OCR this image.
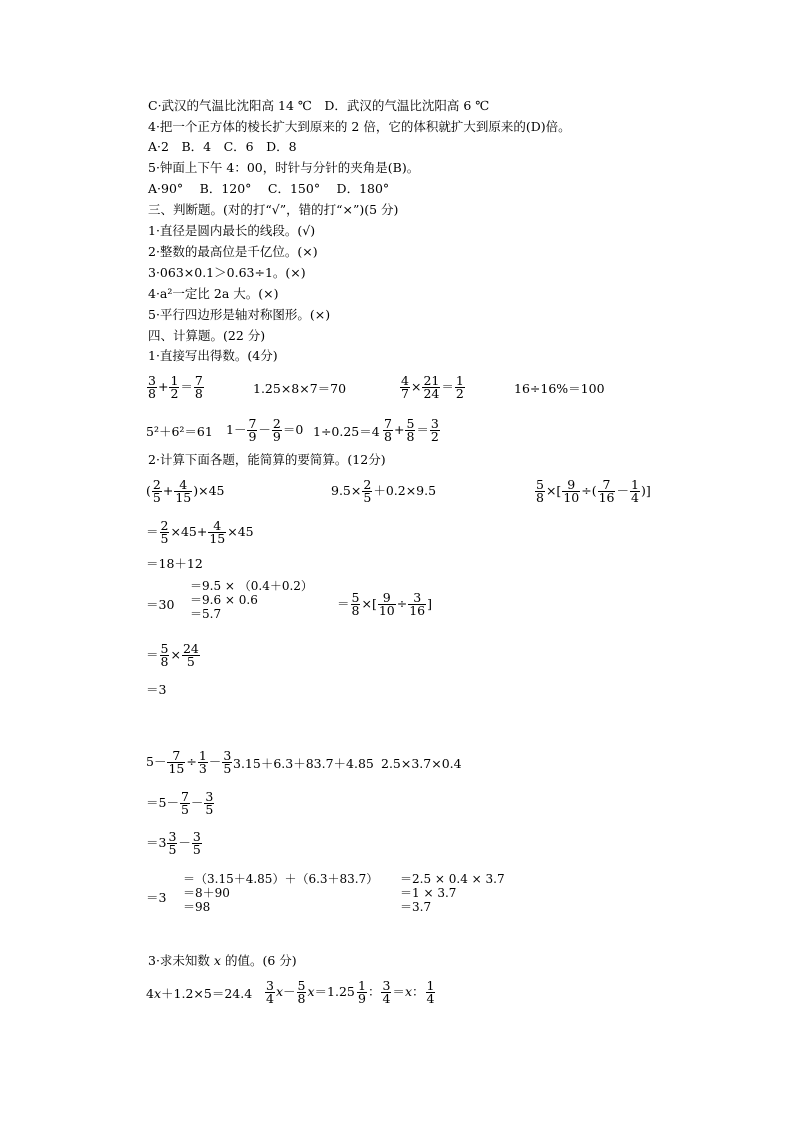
C·武汉的气温比沈阳高 14 ℃　D．武汉的气温比沈阳高 6 ℃
4·把一个正方体的棱长扩大到原来的 2 倍，它的体积就扩大到原来的(D)倍。
A·2　B．4　C．6　D．8
5·钟面上下午 4：00，时针与分针的夹角是(B)。
A·90°　 B．120°　 C．150°　 D．180°
三、判断题。(对的打“√”，错的打“×”)(5 分)
1·直径是圆内最长的线段。(√)
2·整数的最高位是千亿位。(×)
3·063×0.1＞0.63÷1。(×)
4·a²一定比 2a 大。(×)
5·平行四边形是轴对称图形。(×)
四、计算题。(22 分)
1·直接写出得数。(4分)
$\frac{3}{8} + \frac{1}{2} = \frac{7}{8}$	1.25×8×7＝70	$\frac{4}{7} \times \frac{21}{24} = \frac{1}{2}$	16÷16%＝100
5²＋6²＝61 $1- \frac{7}{9} - \frac{2}{9} =0$ $1\div 0.25=4 \frac{7}{8} + \frac{5}{8} = \frac{3}{2}$
2·计算下面各题，能简算的要简算。(12分)
( $\frac{2}{5} + \frac{4}{15} )\times 45$
＝ $\frac{2}{5} \times 45+ \frac{4}{15} \times 45$
＝18＋12
＝30
$9.5\times \frac{2}{5} +0.2\times 9.5$
＝9.5 × （0.4＋0.2）
＝9.6 × 0.6
＝5.7
$\frac{5}{8}$ ×[ $\frac{9}{10}$ ÷( $\frac{7}{16} - \frac{1}{4}$ )]
＝ $\frac{5}{8}$ ×[ $\frac{9}{10} \div \frac{3}{16}$ ]
＝ $\frac{5}{8} \times \frac{24}{5}$
＝3
$5- \frac{7}{15} \div \frac{1}{3} - \frac{3}{5}$
$=5- \frac{7}{5} - \frac{3}{5}$
$=3 \frac{3}{5} - \frac{3}{5}$
＝3
3.15＋6.3＋83.7＋4.85
＝（3.15＋4.85）＋（6.3＋83.7）
＝8＋90
＝98
2.5×3.7×0.4
＝2.5 × 0.4 × 3.7
＝1 × 3.7
＝3.7
3·求未知数 x 的值。(6 分)
$4x+1.2\times 5=24.4 \frac{3}{4} x- \frac{5}{8} x=1.25 \frac{1}{9}$ ： $\frac{3}{4} =x$： $\frac{1}{4}$
